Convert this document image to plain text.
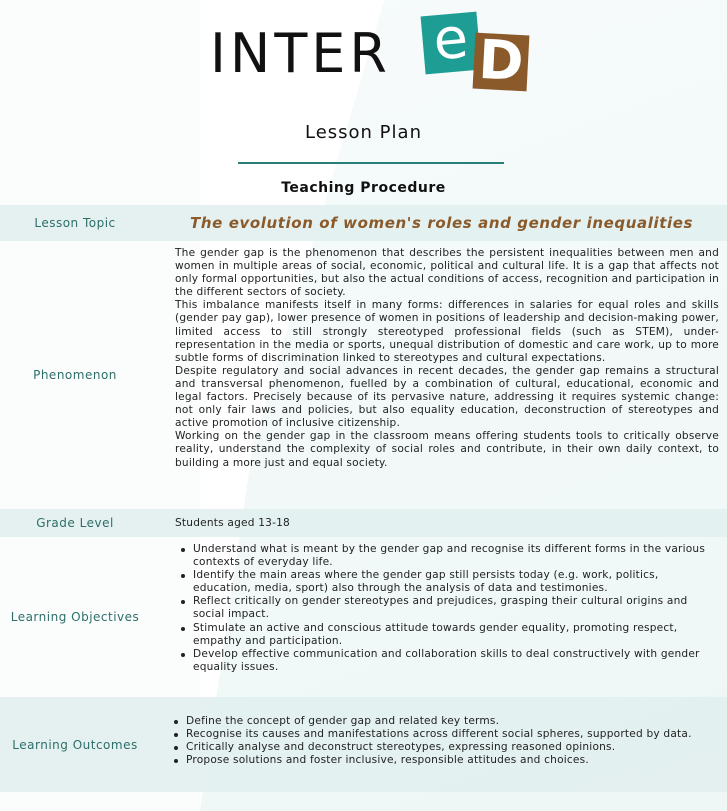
INTER e D
Lesson Plan
Teaching Procedure
Lesson Topic	The evolution of women's roles and gender inequalities
Phenomenon

The gender gap is the phenomenon that describes the persistent inequalities between men and women in multiple areas of social, economic, political and cultural life. It is a gap that affects not only formal opportunities, but also the actual conditions of access, recognition and participation in the different sectors of society.

This imbalance manifests itself in many forms: differences in salaries for equal roles and skills (gender pay gap), lower presence of women in positions of leadership and decision-making power, limited access to still strongly stereotyped professional fields (such as STEM), under-representation in the media or sports, unequal distribution of domestic and care work, up to more subtle forms of discrimination linked to stereotypes and cultural expectations.

Despite regulatory and social advances in recent decades, the gender gap remains a structural and transversal phenomenon, fuelled by a combination of cultural, educational, economic and legal factors. Precisely because of its pervasive nature, addressing it requires systemic change: not only fair laws and policies, but also equality education, deconstruction of stereotypes and active promotion of inclusive citizenship.

Working on the gender gap in the classroom means offering students tools to critically observe reality, understand the complexity of social roles and contribute, in their own daily context, to building a more just and equal society.

Grade Level	Students aged 13-18
Learning Objectives
Understand what is meant by the gender gap and recognise its different forms in the various contexts of everyday life.
Identify the main areas where the gender gap still persists today (e.g. work, politics, education, media, sport) also through the analysis of data and testimonies.
Reflect critically on gender stereotypes and prejudices, grasping their cultural origins and social impact.
Stimulate an active and conscious attitude towards gender equality, promoting respect, empathy and participation.
Develop effective communication and collaboration skills to deal constructively with gender equality issues.
Learning Outcomes
Define the concept of gender gap and related key terms.
Recognise its causes and manifestations across different social spheres, supported by data.
Critically analyse and deconstruct stereotypes, expressing reasoned opinions.
Propose solutions and foster inclusive, responsible attitudes and choices.
